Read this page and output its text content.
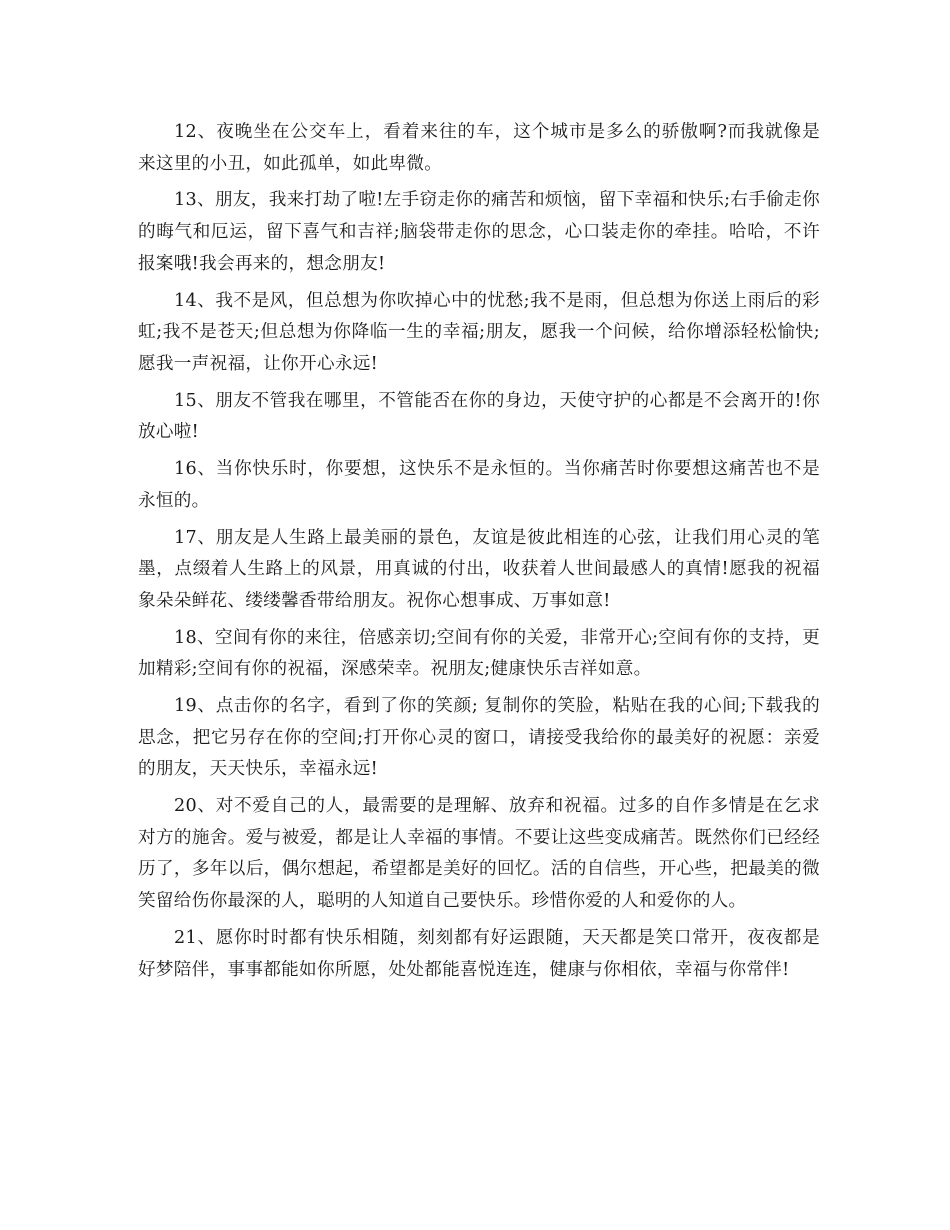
12、夜晚坐在公交车上，看着来往的车，这个城市是多么的骄傲啊?而我就像是 来这里的小丑，如此孤单，如此卑微。

13、朋友，我来打劫了啦!左手窃走你的痛苦和烦恼，留下幸福和快乐;右手偷走你的晦气和厄运，留下喜气和吉祥;脑袋带走你的思念，心口装走你的牵挂。哈哈，不许报案哦!我会再来的，想念朋友!

14、我不是风，但总想为你吹掉心中的忧愁;我不是雨，但总想为你送上雨后的彩虹;我不是苍天;但总想为你降临一生的幸福;朋友，愿我一个问候，给你增添轻松愉快;愿我一声祝福，让你开心永远!

15、朋友不管我在哪里，不管能否在你的身边，天使守护的心都是不会离开的!你放心啦!

16、当你快乐时，你要想，这快乐不是永恒的。当你痛苦时你要想这痛苦也不是永恒的。

17、朋友是人生路上最美丽的景色，友谊是彼此相连的心弦，让我们用心灵的笔墨，点缀着人生路上的风景，用真诚的付出，收获着人世间最感人的真情!愿我的祝福象朵朵鲜花、缕缕馨香带给朋友。祝你心想事成、万事如意!

18、空间有你的来往，倍感亲切;空间有你的关爱，非常开心;空间有你的支持，更加精彩;空间有你的祝福，深感荣幸。祝朋友;健康快乐吉祥如意。

19、点击你的名字，看到了你的笑颜; 复制你的笑脸，粘贴在我的心间;下载我的思念，把它另存在你的空间;打开你心灵的窗口，请接受我给你的最美好的祝愿：亲爱的朋友，天天快乐，幸福永远!

20、对不爱自己的人，最需要的是理解、放弃和祝福。过多的自作多情是在乞求对方的施舍。爱与被爱，都是让人幸福的事情。不要让这些变成痛苦。既然你们已经经历了，多年以后，偶尔想起，希望都是美好的回忆。活的自信些，开心些，把最美的微笑留给伤你最深的人，聪明的人知道自己要快乐。珍惜你爱的人和爱你的人。

21、愿你时时都有快乐相随，刻刻都有好运跟随，天天都是笑口常开，夜夜都是好梦陪伴，事事都能如你所愿，处处都能喜悦连连，健康与你相依，幸福与你常伴!
